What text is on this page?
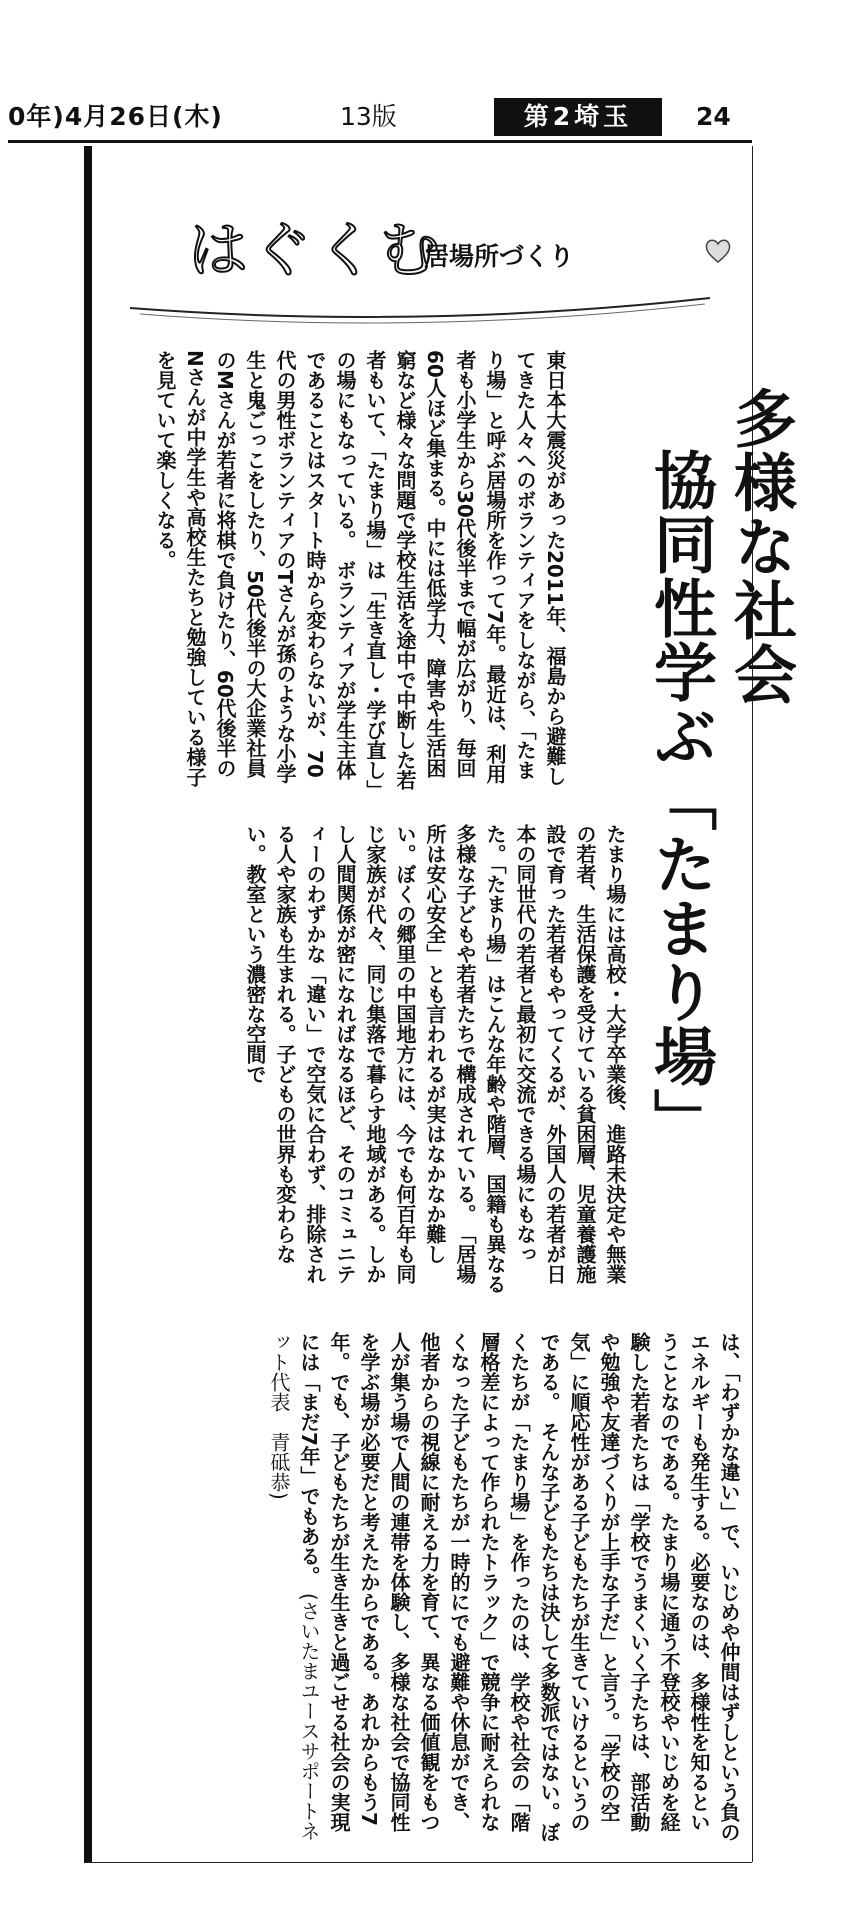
0年)4月26日(木)	13版	第2埼玉	24
はぐくむ
居場所づくり
多様な社会
協同性学ぶ「たまり場」
東日本大震災があった2011年、福島から避難してきた人々へのボランティアをしながら、「たまり場」と呼ぶ居場所を作って7年。最近は、利用者も小学生から30代後半まで幅が広がり、毎回60人ほど集まる。中には低学力、障害や生活困窮など様々な問題で学校生活を途中で中断した若者もいて、「たまり場」は「生き直し・学び直し」の場にもなっている。　ボランティアが学生主体であることはスタート時から変わらないが、70代の男性ボランティアのTさんが孫のような小学生と鬼ごっこをしたり、50代後半の大企業社員のMさんが若者に将棋で負けたり、60代後半のNさんが中学生や高校生たちと勉強している様子を見ていて楽しくなる。
たまり場には高校・大学卒業後、進路未決定や無業の若者、生活保護を受けている貧困層、児童養護施設で育った若者もやってくるが、外国人の若者が日本の同世代の若者と最初に交流できる場にもなった。「たまり場」はこんな年齢や階層、国籍も異なる多様な子どもや若者たちで構成されている。　「居場所は安心安全」とも言われるが実はなかなか難しい。ぼくの郷里の中国地方には、今でも何百年も同じ家族が代々、同じ集落で暮らす地域がある。しかし人間関係が密になればなるほど、そのコミュニティーのわずかな「違い」で空気に合わず、排除される人や家族も生まれる。子どもの世界も変わらない。教室という濃密な空間で
は、「わずかな違い」で、いじめや仲間はずしという負のエネルギーも発生する。必要なのは、多様性を知るということなのである。たまり場に通う不登校やいじめを経験した若者たちは「学校でうまくいく子たちは、部活動や勉強や友達づくりが上手な子だ」と言う。「学校の空気」に順応性がある子どもたちが生きていけるというのである。　そんな子どもたちは決して多数派ではない。ぼくたちが「たまり場」を作ったのは、学校や社会の「階層格差によって作られたトラック」で競争に耐えられなくなった子どもたちが一時的にでも避難や休息ができ、他者からの視線に耐える力を育て、異なる価値観をもつ人が集う場で人間の連帯を体験し、多様な社会で協同性を学ぶ場が必要だと考えたからである。あれからもう7年。でも、子どもたちが生き生きと過ごせる社会の実現には「まだ7年」でもある。 (さいたまユースサポートネット代表　青砥恭)
